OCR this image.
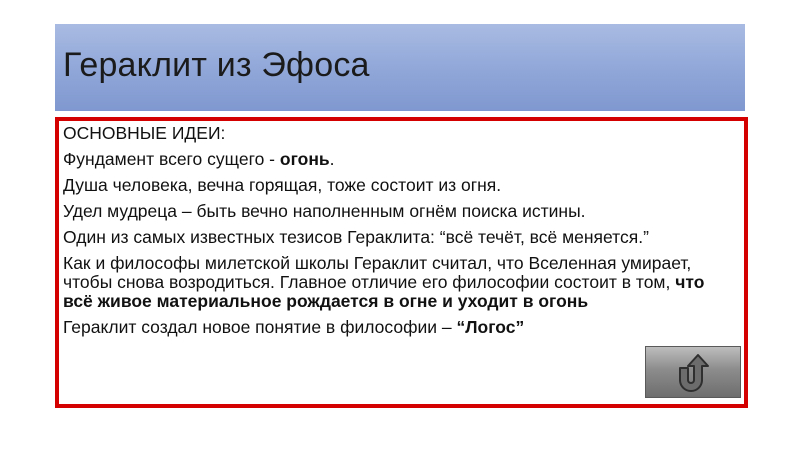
Гераклит из Эфоса
ОСНОВНЫЕ ИДЕИ:
Фундамент всего сущего - огонь.
Душа человека, вечна горящая, тоже состоит из огня.
Удел мудреца – быть вечно наполненным огнём поиска истины.
Один из самых известных тезисов Гераклита: “всё течёт, всё меняется.”
Как и философы милетской школы Гераклит считал, что Вселенная умирает, чтобы снова возродиться. Главное отличие его философии состоит в том, что всё живое материальное рождается в огне и уходит в огонь
Гераклит создал новое понятие в философии – “Логос”
